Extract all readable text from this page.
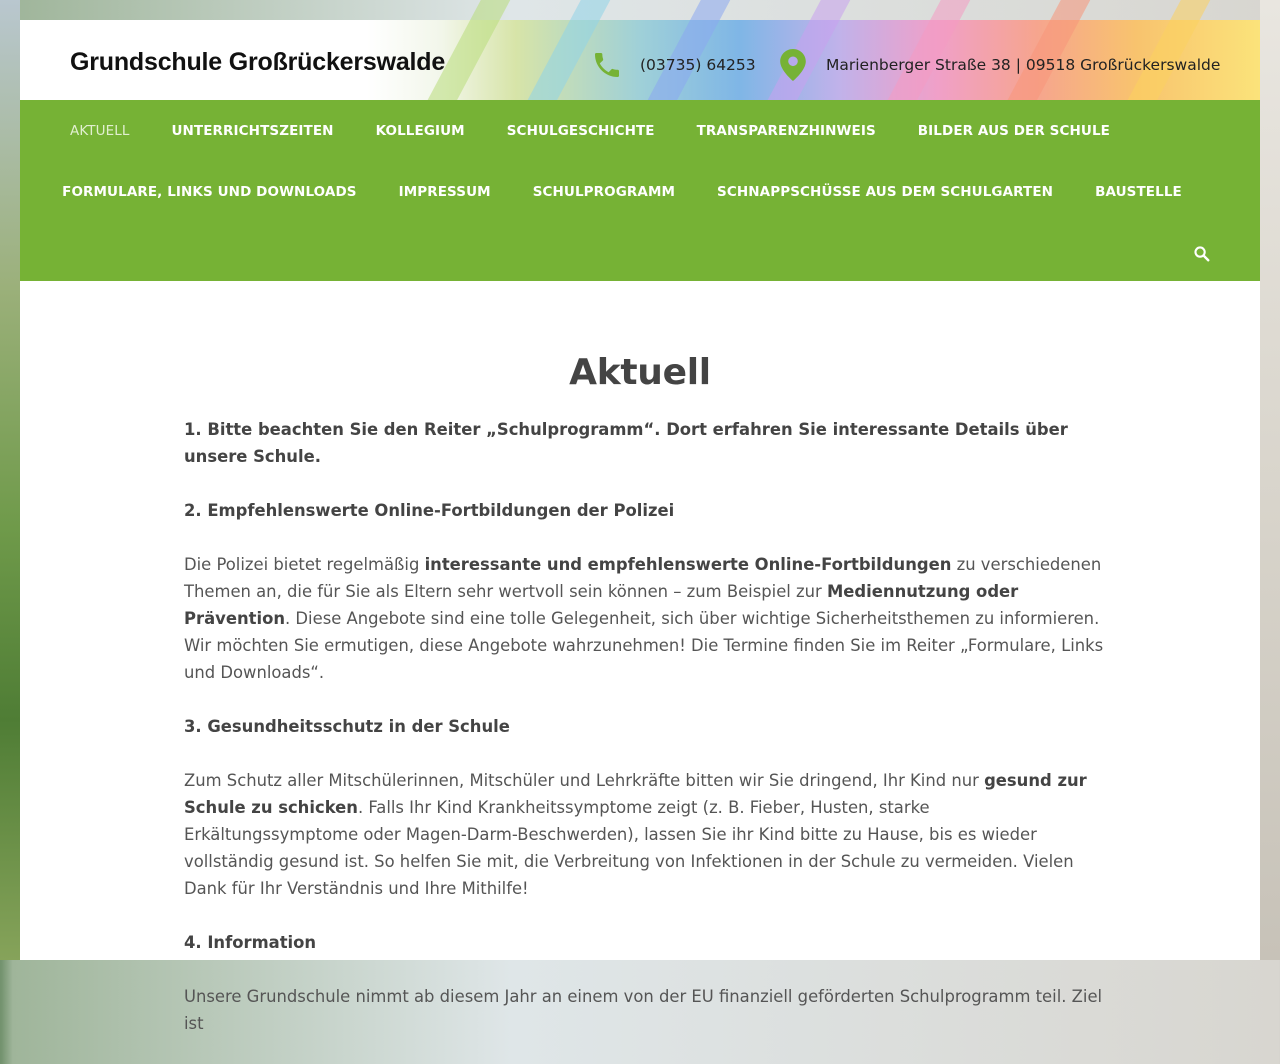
Grundschule Großrückerswalde	(03735) 64253	Marienberger Straße 38 | 09518 Großrückerswalde
AKTUELL	UNTERRICHTSZEITEN	KOLLEGIUM	SCHULGESCHICHTE	TRANSPARENZHINWEIS	BILDER AUS DER SCHULE
FORMULARE, LINKS UND DOWNLOADS	IMPRESSUM	SCHULPROGRAMM	SCHNAPPSCHÜSSE AUS DEM SCHULGARTEN	BAUSTELLE
Aktuell

1. Bitte beachten Sie den Reiter „Schulprogramm“. Dort erfahren Sie interessante Details über unsere Schule.

2. Empfehlenswerte Online-Fortbildungen der Polizei

Die Polizei bietet regelmäßig interessante und empfehlenswerte Online-Fortbildungen zu verschiedenen Themen an, die für Sie als Eltern sehr wertvoll sein können – zum Beispiel zur Mediennutzung oder Prävention. Diese Angebote sind eine tolle Gelegenheit, sich über wichtige Sicherheitsthemen zu informieren.
Wir möchten Sie ermutigen, diese Angebote wahrzunehmen! Die Termine finden Sie im Reiter „Formulare, Links und Downloads“.

3. Gesundheitsschutz in der Schule

Zum Schutz aller Mitschülerinnen, Mitschüler und Lehrkräfte bitten wir Sie dringend, Ihr Kind nur gesund zur Schule zu schicken. Falls Ihr Kind Krankheitssymptome zeigt (z. B. Fieber, Husten, starke Erkältungssymptome oder Magen-Darm-Beschwerden), lassen Sie ihr Kind bitte zu Hause, bis es wieder vollständig gesund ist. So helfen Sie mit, die Verbreitung von Infektionen in der Schule zu vermeiden. Vielen Dank für Ihr Verständnis und Ihre Mithilfe!

4. Information

Unsere Grundschule nimmt ab diesem Jahr an einem von der EU finanziell geförderten Schulprogramm teil. Ziel ist
